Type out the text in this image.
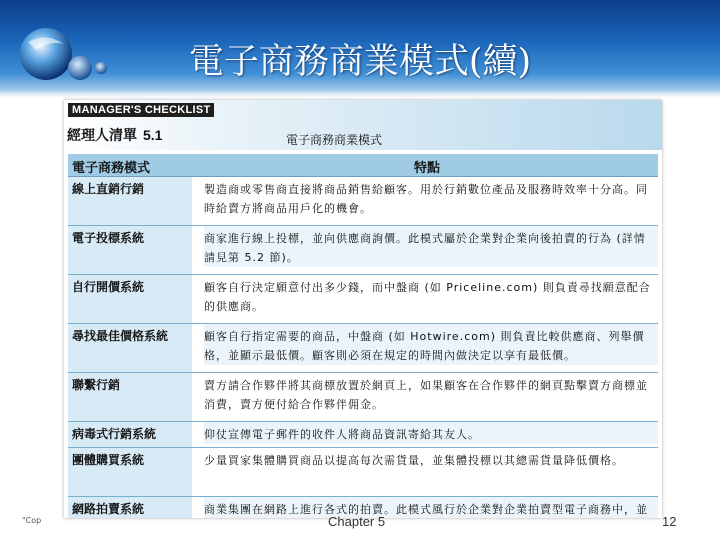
電子商務商業模式(續)
MANAGER'S CHECKLIST
經理人清單 5.1	電子商務商業模式
電子商務模式	特點
線上直銷行銷	製造商或零售商直接將商品銷售給顧客。用於行銷數位產品及服務時效率十分高。同時給賣方將商品用戶化的機會。
電子投標系統	商家進行線上投標，並向供應商詢價。此模式屬於企業對企業向後拍賣的行為 (詳情請見第 5.2 節)。
自行開價系統	顧客自行決定願意付出多少錢，而中盤商 (如 Priceline.com) 則負責尋找願意配合的供應商。
尋找最佳價格系統	顧客自行指定需要的商品，中盤商 (如 Hotwire.com) 則負責比較供應商、列舉價格，並顯示最低價。顧客則必須在規定的時間內做決定以享有最低價。
聯繫行銷	賣方請合作夥伴將其商標放置於網頁上，如果顧客在合作夥伴的網頁點擊賣方商標並消費，賣方便付給合作夥伴佣金。
病毒式行銷系統	仰仗宣傳電子郵件的收件人將商品資訊寄給其友人。
團體購買系統	少量買家集體購買商品以提高每次需貨量，並集體投標以其總需貨量降低價格。
網路拍賣系統	商業集團在網路上進行各式的拍賣。此模式風行於企業對企業拍賣型電子商務中，並
"Cop	Chapter 5	12
